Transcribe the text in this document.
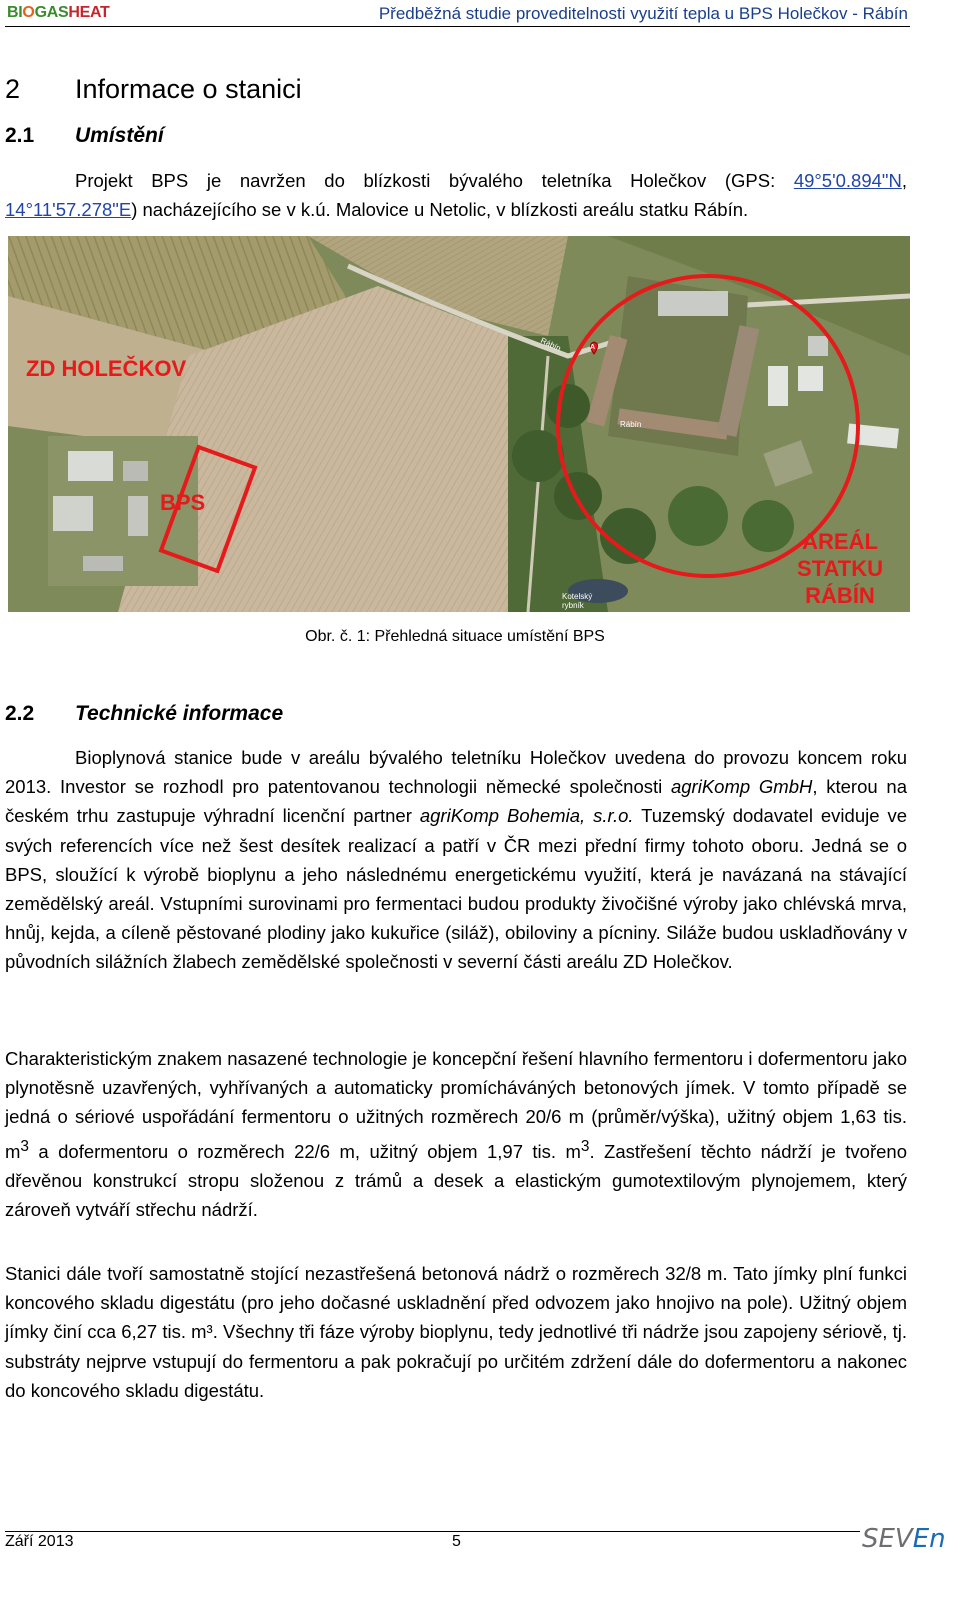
BIOGASHEAT	Předběžná studie proveditelnosti využití tepla u BPS Holečkov - Rábín
2 Informace o stanici
2.1 Umístění

Projekt BPS je navržen do blízkosti bývalého teletníka Holečkov (GPS: 49°5'0.894"N, 14°11'57.278"E) nacházejícího se v k.ú. Malovice u Netolic, v blízkosti areálu statku Rábín.

ZD HOLEČKOV
BPS
AREÁL
STATKU
RÁBÍN
Kotelský rybník
Rábín
Rábín	A
Obr. č. 1: Přehledná situace umístění BPS
2.2 Technické informace

Bioplynová stanice bude v areálu bývalého teletníku Holečkov uvedena do provozu koncem roku 2013. Investor se rozhodl pro patentovanou technologii německé společnosti agriKomp GmbH, kterou na českém trhu zastupuje výhradní licenční partner agriKomp Bohemia, s.r.o. Tuzemský dodavatel eviduje ve svých referencích více než šest desítek realizací a patří v ČR mezi přední firmy tohoto oboru. Jedná se o BPS, sloužící k výrobě bioplynu a jeho následnému energetickému využití, která je navázaná na stávající zemědělský areál. Vstupními surovinami pro fermentaci budou produkty živočišné výroby jako chlévská mrva, hnůj, kejda, a cíleně pěstované plodiny jako kukuřice (siláž), obiloviny a pícniny. Siláže budou uskladňovány v původních silážních žlabech zemědělské společnosti v severní části areálu ZD Holečkov.

Charakteristickým znakem nasazené technologie je koncepční řešení hlavního fermentoru i dofermentoru jako plynotěsně uzavřených, vyhřívaných a automaticky promícháváných betonových jímek. V tomto případě se jedná o sériové uspořádání fermentoru o užitných rozměrech 20/6 m (průměr/výška), užitný objem 1,63 tis. $m^3$ a dofermentoru o rozměrech 22/6 m, užitný objem 1,97 tis. $m^3$. Zastřešení těchto nádrží je tvořeno dřevěnou konstrukcí stropu složenou z trámů a desek a elastickým gumotextilovým plynojemem, který zároveň vytváří střechu nádrží.

Stanici dále tvoří samostatně stojící nezastřešená betonová nádrž o rozměrech 32/8 m. Tato jímky plní funkci koncového skladu digestátu (pro jeho dočasné uskladnění před odvozem jako hnojivo na pole). Užitný objem jímky činí cca 6,27 tis. m³. Všechny tři fáze výroby bioplynu, tedy jednotlivé tři nádrže jsou zapojeny sériově, tj. substráty nejprve vstupují do fermentoru a pak pokračují po určitém zdržení dále do dofermentoru a nakonec do koncového skladu digestátu.

Září 2013	5	SEVEn
